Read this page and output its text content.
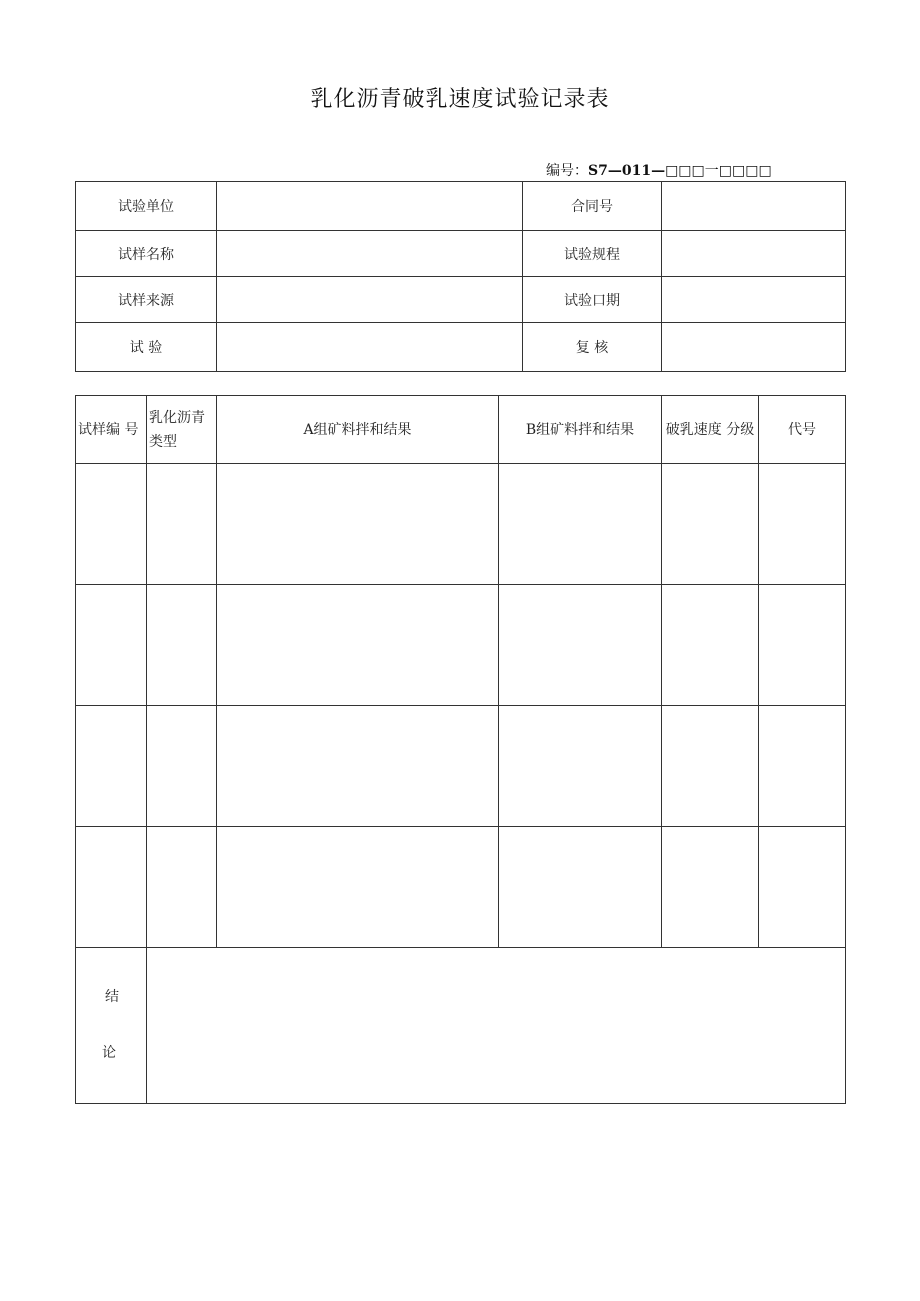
乳化沥青破乳速度试验记录表
编号：S7—011—□□□一□□□□
试验单位		合同号	
试样名称		试验规程	
试样来源		试验口期	
试 验		复 核	
试样编 号	乳化沥青类型	A组矿料拌和结果	B组矿料拌和结果	破乳速度 分级	代号

结
论					
